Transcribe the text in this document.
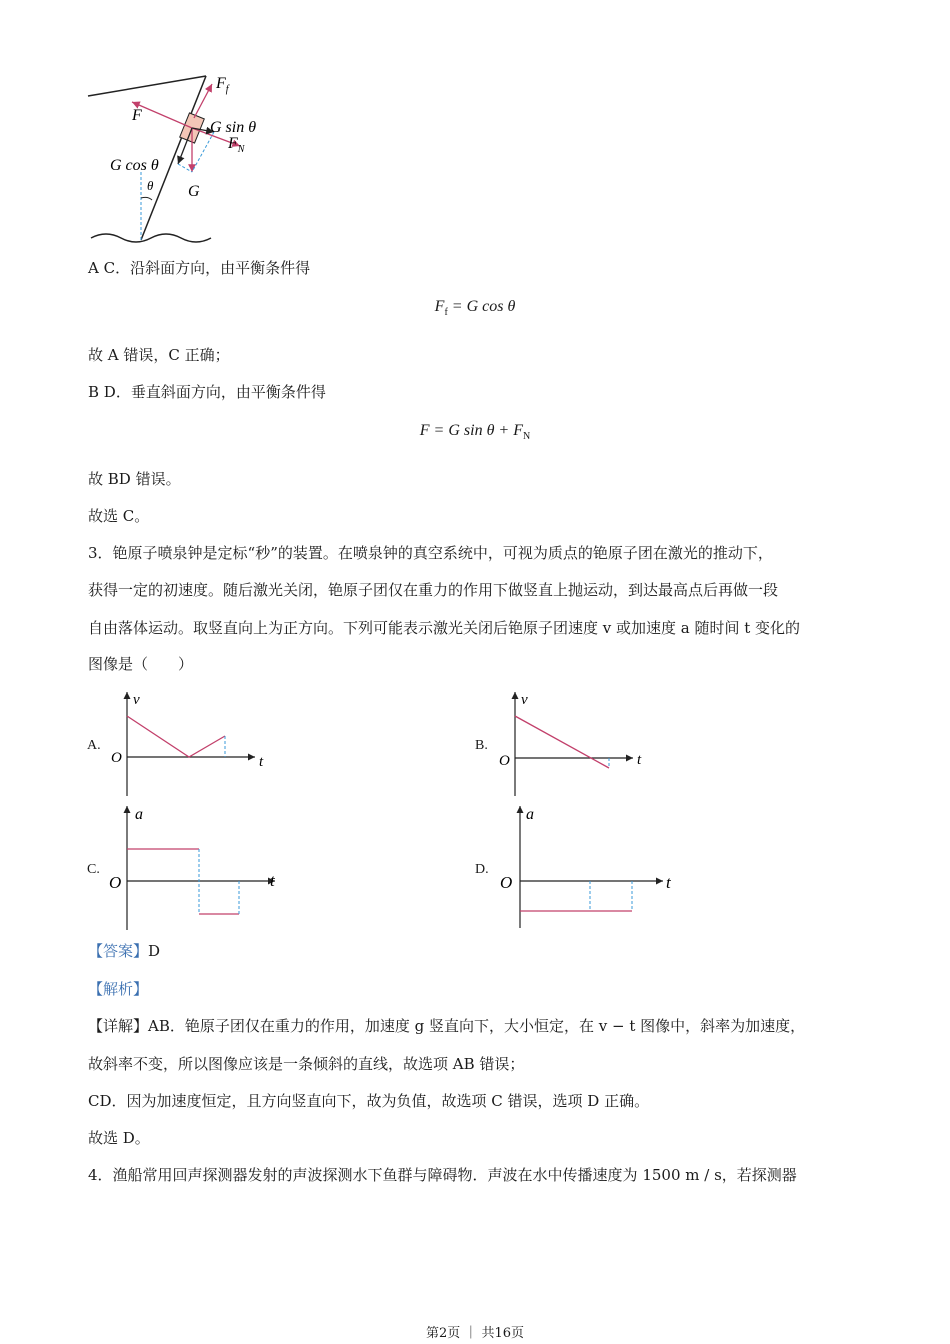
$F_f$
F
G sin θ
$F_N$
G cos θ
θ G
A C．沿斜面方向，由平衡条件得
$F_f = G$ cos θ
故 A 错误，C 正确；
B D．垂直斜面方向，由平衡条件得
F = G $\sin \theta + F_N$
故 BD 错误。
故选 C。
3．铯原子喷泉钟是定标“秒”的装置。在喷泉钟的真空系统中，可视为质点的铯原子团在激光的推动下，
获得一定的初速度。随后激光关闭，铯原子团仅在重力的作用下做竖直上抛运动，到达最高点后再做一段
自由落体运动。取竖直向上为正方向。下列可能表示激光关闭后铯原子团速度 v 或加速度 a 随时间 t 变化的
图像是（　　）
A.
v
t
O
B.
v
t
O
C.
a
t
O
D.
a
t
O
【答案】D
【解析】
【详解】AB．铯原子团仅在重力的作用，加速度 g 竖直向下，大小恒定，在 v − t 图像中，斜率为加速度，
故斜率不变，所以图像应该是一条倾斜的直线，故选项 AB 错误；
CD．因为加速度恒定，且方向竖直向下，故为负值，故选项 C 错误，选项 D 正确。
故选 D。
4．渔船常用回声探测器发射的声波探测水下鱼群与障碍物．声波在水中传播速度为 1500 m / s，若探测器
第2页 ｜ 共16页
